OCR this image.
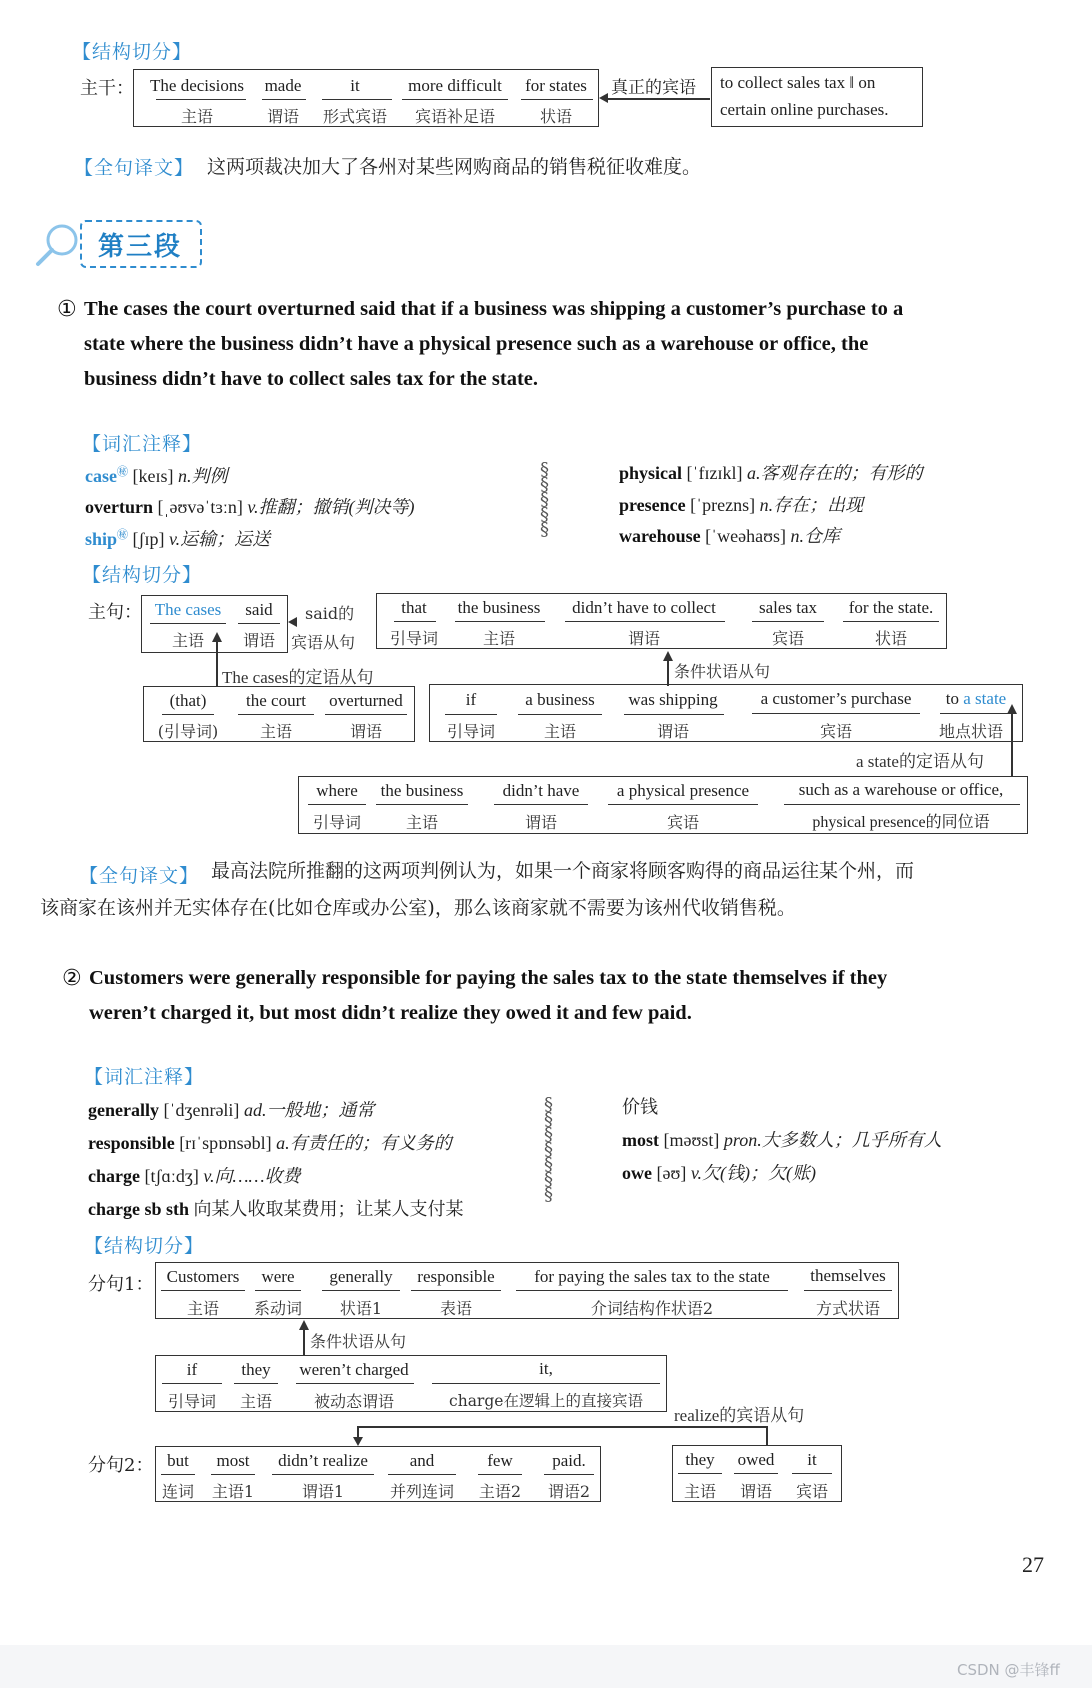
【结构切分】
主干： The decisions
主语
made
谓语
it
形式宾语
more difficult
宾语补足语
for states
状语
真正的宾语 to collect sales tax ‖ on
certain online purchases.
【全句译文】 这两项裁决加大了各州对某些网购商品的销售税征收难度。
第三段
① The cases the court overturned said that if a business was shipping a customer’s purchase to a
state where the business didn’t have a physical presence such as a warehouse or office, the
business didn’t have to collect sales tax for the state.
【词汇注释】
case㊙ [keɪs] n.判例
overturn [ˌəʊvəˈtɜːn] v.推翻；撤销(判决等)
ship㊙ [ʃɪp] v.运输；运送
§
§
§
§
§
physical [ˈfɪzɪkl] a.客观存在的；有形的
presence [ˈprezns] n.存在；出现
warehouse [ˈweəhaʊs] n.仓库
【结构切分】
主句： The cases
主语
said
谓语
said的
宾语从句
that
引导词
the business
主语
didn’t have to collect
谓语
sales tax
宾语
for the state.
状语
The cases的定语从句	条件状语从句
(that)
(引导词)
the court
主语
overturned
谓语
if
引导词
a business
主语
was shipping
谓语
a customer’s purchase
宾语
to a state
地点状语
a state的定语从句
where
引导词
the business
主语
didn’t have
谓语
a physical presence
宾语
such as a warehouse or office,
physical presence的同位语
【全句译文】 最高法院所推翻的这两项判例认为，如果一个商家将顾客购得的商品运往某个州，而
该商家在该州并无实体存在(比如仓库或办公室)，那么该商家就不需要为该州代收销售税。
② Customers were generally responsible for paying the sales tax to the state themselves if they
weren’t charged it, but most didn’t realize they owed it and few paid.
【词汇注释】
generally [ˈdʒenrəli] ad.一般地；通常
responsible [rɪˈspɒnsəbl] a.有责任的；有义务的
charge [tʃɑːdʒ] v.向……收费
charge sb sth 向某人收取某费用；让某人支付某
§
§
§
§
§
§
§
价钱
most [məʊst] pron.大多数人；几乎所有人
owe [əʊ] v.欠(钱)；欠(账)
【结构切分】
分句1： Customers
主语
were
系动词
generally
状语1
responsible
表语
for paying the sales tax to the state
介词结构作状语2
themselves
方式状语
条件状语从句
if
引导词
they
主语
weren’t charged
被动态谓语
it,
charge在逻辑上的直接宾语
realize的宾语从句
分句2： but
连词
most
主语1
didn’t realize
谓语1
and
并列连词
few
主语2
paid.
谓语2
they
主语
owed
谓语
it
宾语
27
CSDN @丰锋ff
